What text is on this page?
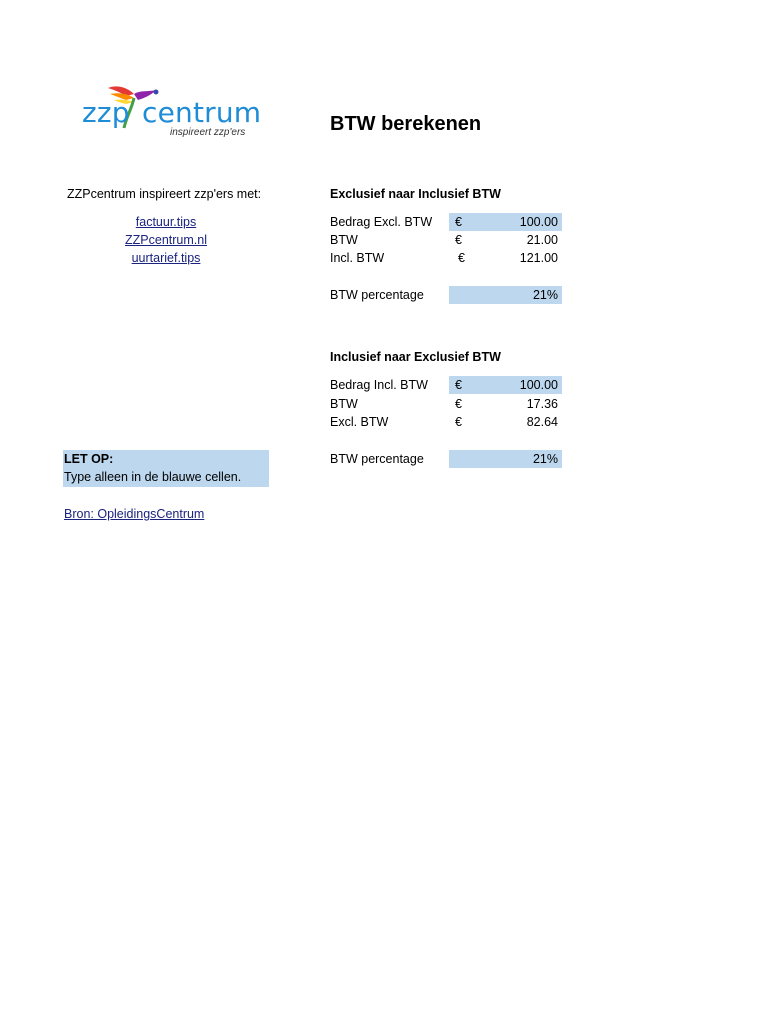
zzp centrum
inspireert zzp'ers	BTW berekenen
ZZPcentrum inspireert zzp'ers met:
factuur.tips
ZZPcentrum.nl
uurtarief.tips
Exclusief naar Inclusief BTW
Bedrag Excl. BTW €	100.00
BTW	€	21.00
Incl. BTW	€	121.00
BTW percentage	21%
Inclusief naar Exclusief BTW
Bedrag Incl. BTW €	100.00
BTW	€	17.36
Excl. BTW	€	82.64
BTW percentage	21%
LET OP:
Type alleen in de blauwe cellen.
Bron: OpleidingsCentrum
